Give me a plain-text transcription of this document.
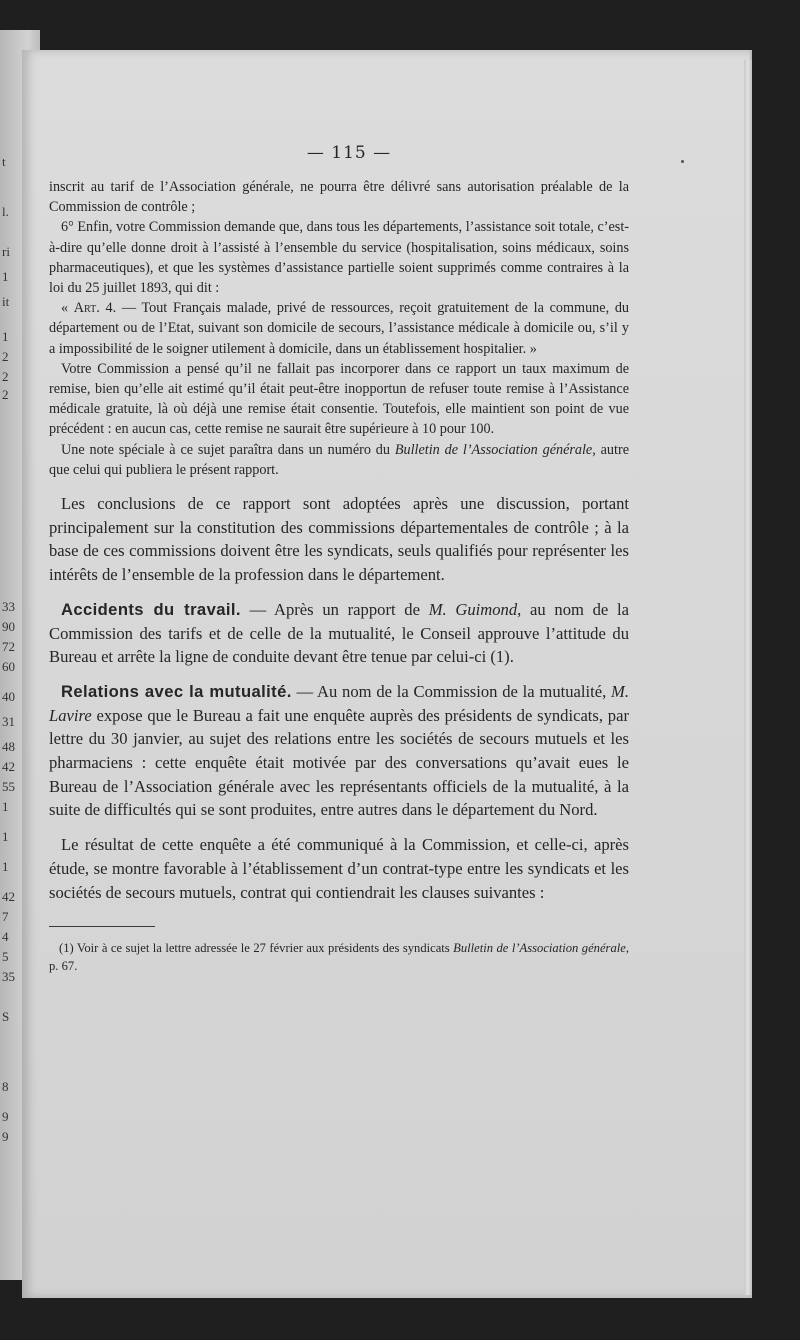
t
l.
ri
1
it
1
2
2
2
33
90
72
60
40
31
48
42
55
1
1
1
42
7
4
5
35
S
8
9
9
— 115 —

inscrit au tarif de l’Association générale, ne pourra être délivré sans autorisation préalable de la Commission de contrôle ;

6° Enfin, votre Commission demande que, dans tous les départements, l’assistance soit totale, c’est-à-dire qu’elle donne droit à l’assisté à l’ensemble du service (hospitalisation, soins médicaux, soins pharmaceutiques), et que les systèmes d’assistance partielle soient supprimés comme contraires à la loi du 25 juillet 1893, qui dit :

« Art. 4. — Tout Français malade, privé de ressources, reçoit gratuitement de la commune, du département ou de l’Etat, suivant son domicile de secours, l’assistance médicale à domicile ou, s’il y a impossibilité de le soigner utilement à domicile, dans un établissement hospitalier. »

Votre Commission a pensé qu’il ne fallait pas incorporer dans ce rapport un taux maximum de remise, bien qu’elle ait estimé qu’il était peut-être inopportun de refuser toute remise à l’Assistance médicale gratuite, là où déjà une remise était consentie. Toutefois, elle maintient son point de vue précédent : en aucun cas, cette remise ne saurait être supérieure à 10 pour 100.

Une note spéciale à ce sujet paraîtra dans un numéro du Bulletin de l’Association générale, autre que celui qui publiera le présent rapport.

Les conclusions de ce rapport sont adoptées après une discussion, portant principalement sur la constitution des commissions départementales de contrôle ; à la base de ces commissions doivent être les syndicats, seuls qualifiés pour représenter les intérêts de l’ensemble de la profession dans le département.

Accidents du travail. — Après un rapport de M. Guimond, au nom de la Commission des tarifs et de celle de la mutualité, le Conseil approuve l’attitude du Bureau et arrête la ligne de conduite devant être tenue par celui-ci (1).

Relations avec la mutualité. — Au nom de la Commission de la mutualité, M. Lavire expose que le Bureau a fait une enquête auprès des présidents de syndicats, par lettre du 30 janvier, au sujet des relations entre les sociétés de secours mutuels et les pharmaciens : cette enquête était motivée par des conversations qu’avait eues le Bureau de l’Association générale avec les représentants officiels de la mutualité, à la suite de difficultés qui se sont produites, entre autres dans le département du Nord.

Le résultat de cette enquête a été communiqué à la Commission, et celle-ci, après étude, se montre favorable à l’établissement d’un contrat-type entre les syndicats et les sociétés de secours mutuels, contrat qui contiendrait les clauses suivantes :

(1) Voir à ce sujet la lettre adressée le 27 février aux présidents des syndicats Bulletin de l’Association générale, p. 67.
